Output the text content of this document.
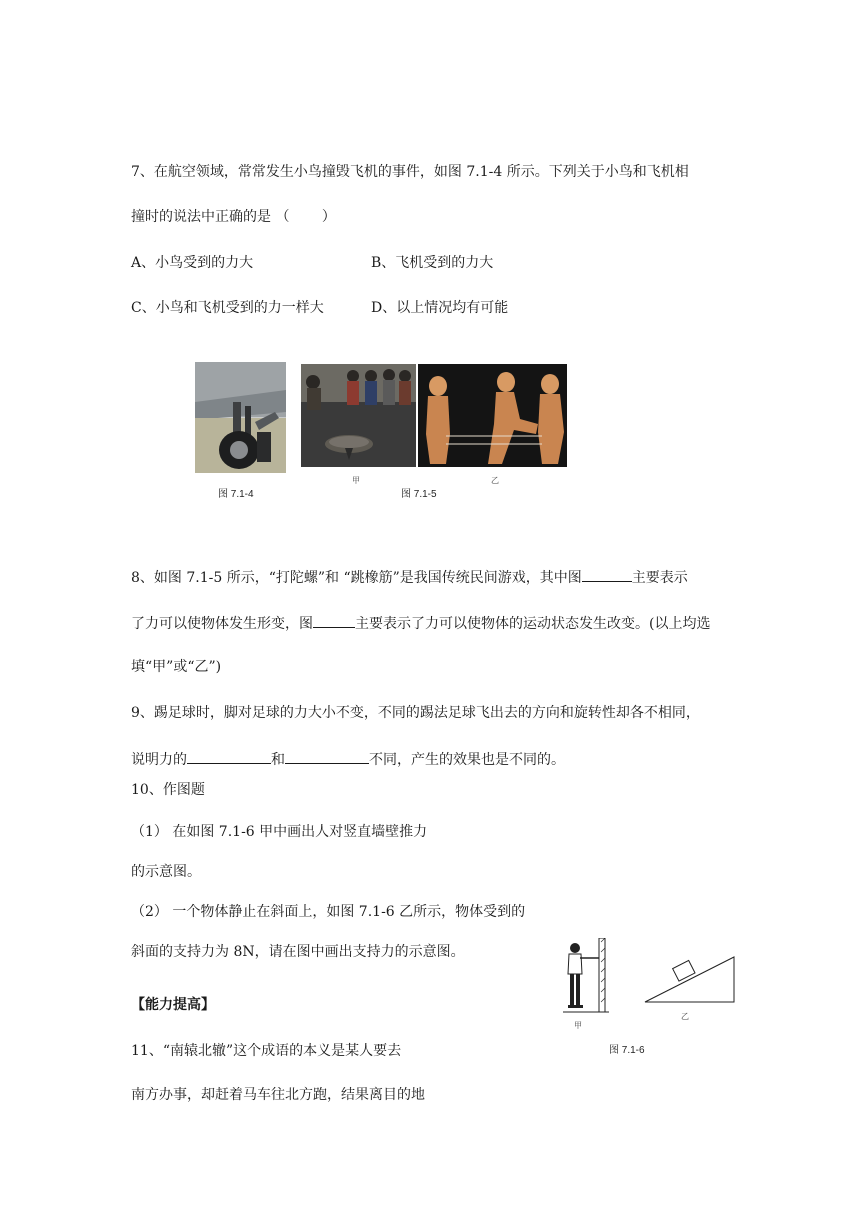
7、在航空领域，常常发生小鸟撞毁飞机的事件，如图 7.1-4 所示。下列关于小鸟和飞机相
撞时的说法中正确的是 （　　 ）
A、小鸟受到的力大	B、飞机受到的力大
C、小鸟和飞机受到的力一样大	D、以上情况均有可能
图 7.1-4
甲	乙
图 7.1-5
8、如图 7.1-5 所示，“打陀螺”和 “跳橡筋”是我国传统民间游戏，其中图	主要表示
了力可以使物体发生形变，图	主要表示了力可以使物体的运动状态发生改变。(以上均选
填“甲”或“乙”)
9、踢足球时，脚对足球的力大小不变，不同的踢法足球飞出去的方向和旋转性却各不相同，
说明力的	和	不同，产生的效果也是不同的。
10、作图题
（1） 在如图 7.1-6 甲中画出人对竖直墙壁推力
的示意图。
（2） 一个物体静止在斜面上，如图 7.1-6 乙所示，物体受到的
斜面的支持力为 8N，请在图中画出支持力的示意图。
甲
乙
图 7.1-6
【能力提高】
11、“南辕北辙”这个成语的本义是某人要去
南方办事，却赶着马车往北方跑，结果离目的地
